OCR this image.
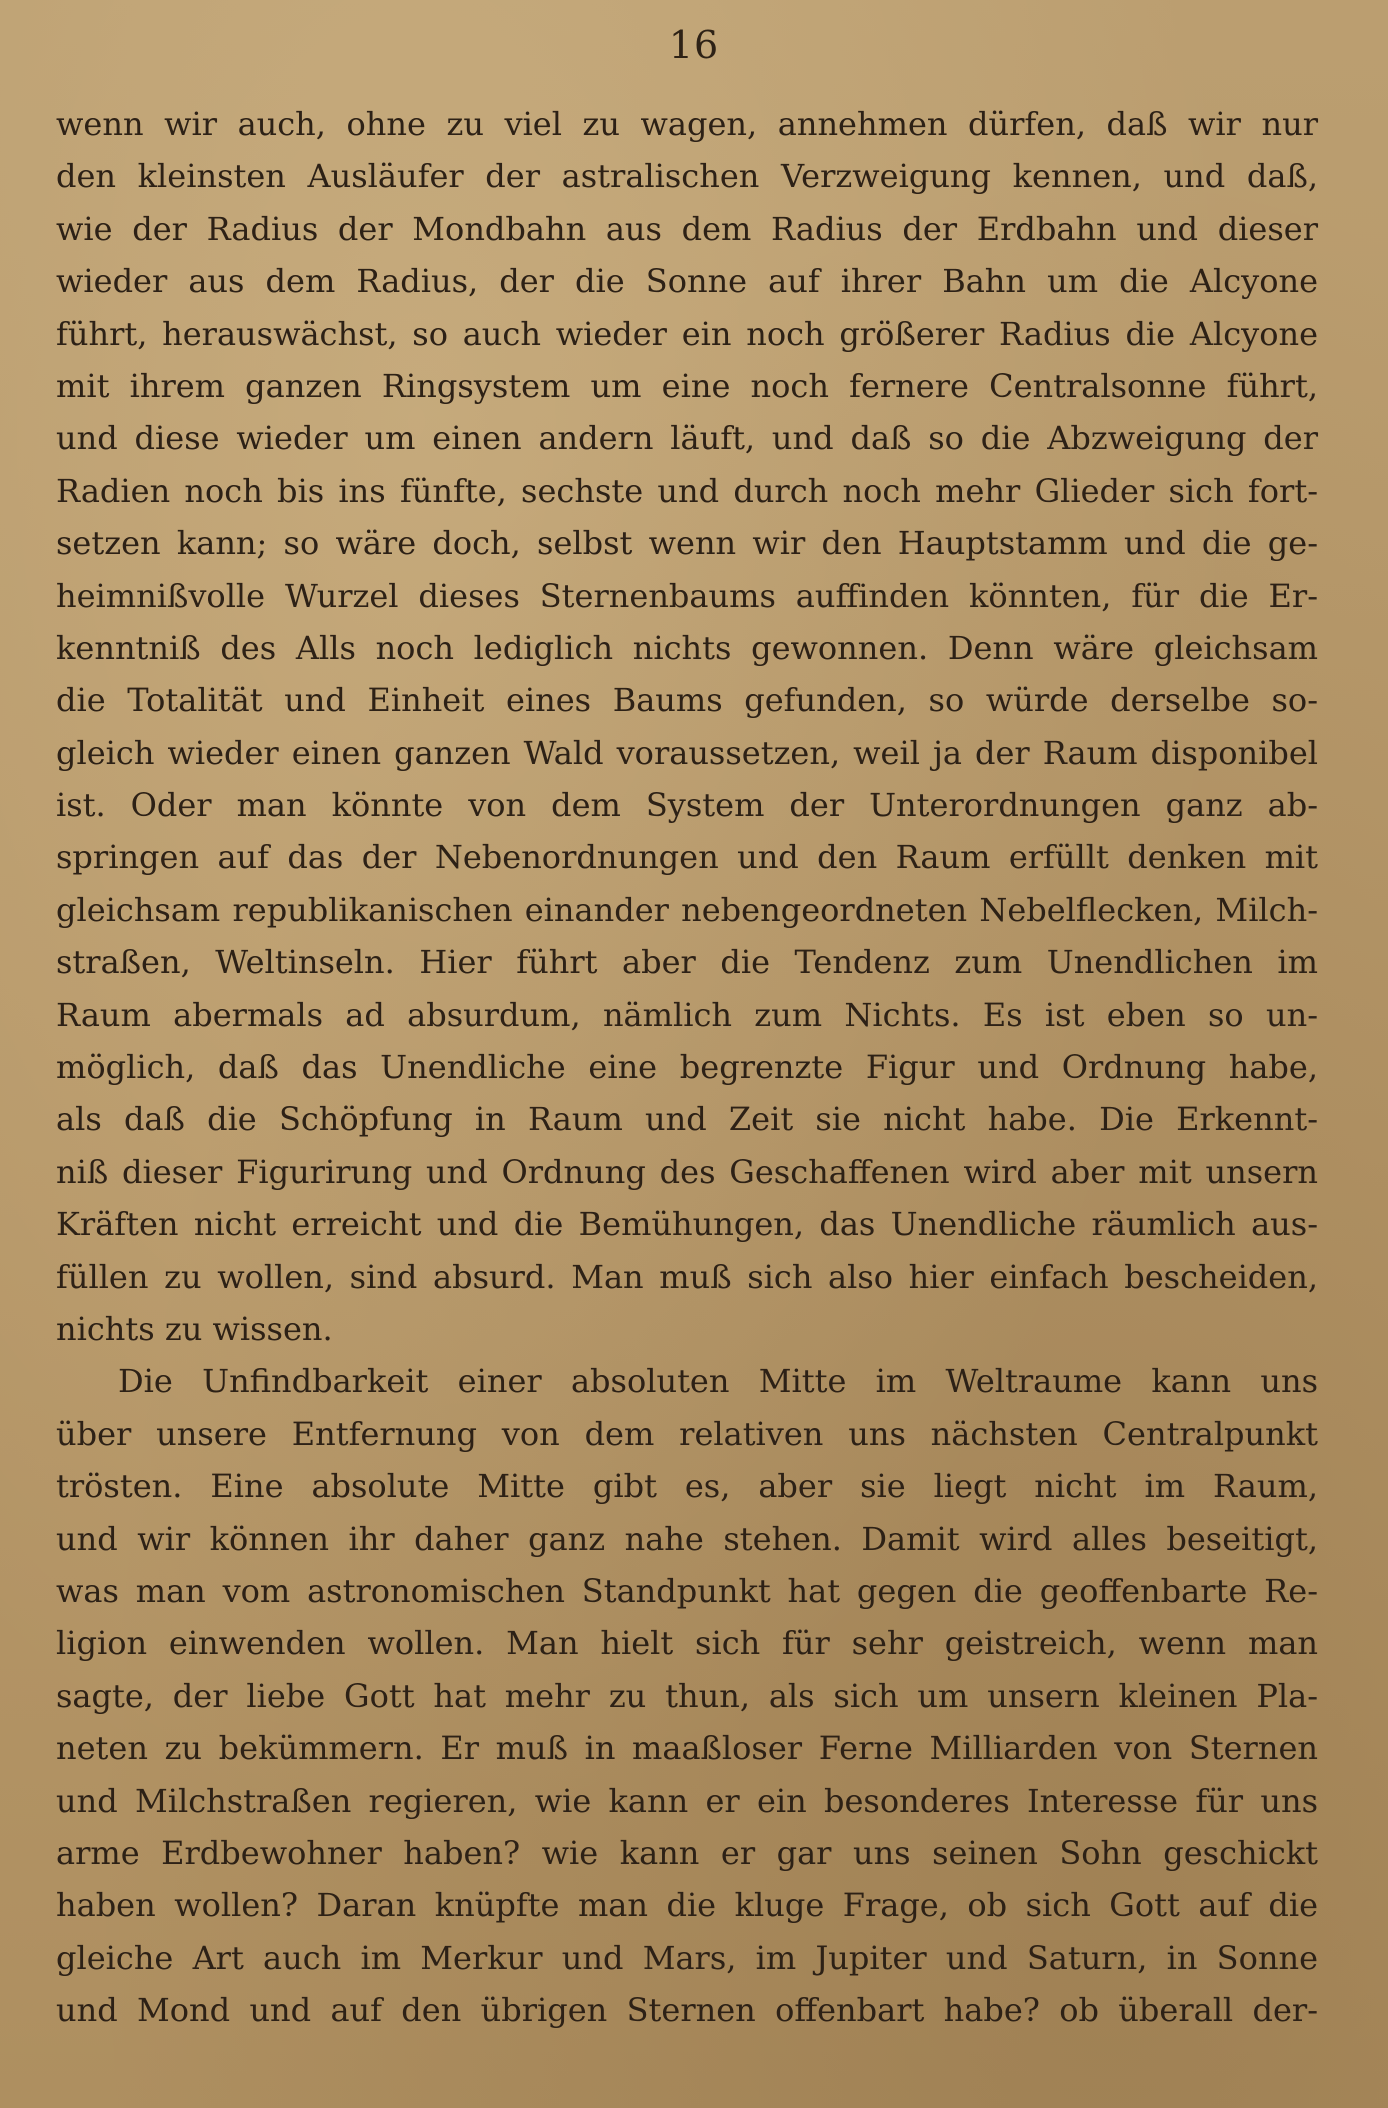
16
wenn wir auch, ohne zu viel zu wagen, annehmen dürfen, daß wir nur
den kleinsten Ausläufer der astralischen Verzweigung kennen, und daß,
wie der Radius der Mondbahn aus dem Radius der Erdbahn und dieser
wieder aus dem Radius, der die Sonne auf ihrer Bahn um die Alcyone
führt, herauswächst, so auch wieder ein noch größerer Radius die Alcyone
mit ihrem ganzen Ringsystem um eine noch fernere Centralsonne führt,
und diese wieder um einen andern läuft, und daß so die Abzweigung der
Radien noch bis ins fünfte, sechste und durch noch mehr Glieder sich fort-
setzen kann; so wäre doch, selbst wenn wir den Hauptstamm und die ge-
heimnißvolle Wurzel dieses Sternenbaums auffinden könnten, für die Er-
kenntniß des Alls noch lediglich nichts gewonnen. Denn wäre gleichsam
die Totalität und Einheit eines Baums gefunden, so würde derselbe so-
gleich wieder einen ganzen Wald voraussetzen, weil ja der Raum disponibel
ist. Oder man könnte von dem System der Unterordnungen ganz ab-
springen auf das der Nebenordnungen und den Raum erfüllt denken mit
gleichsam republikanischen einander nebengeordneten Nebelflecken, Milch-
straßen, Weltinseln. Hier führt aber die Tendenz zum Unendlichen im
Raum abermals ad absurdum, nämlich zum Nichts. Es ist eben so un-
möglich, daß das Unendliche eine begrenzte Figur und Ordnung habe,
als daß die Schöpfung in Raum und Zeit sie nicht habe. Die Erkennt-
niß dieser Figurirung und Ordnung des Geschaffenen wird aber mit unsern
Kräften nicht erreicht und die Bemühungen, das Unendliche räumlich aus-
füllen zu wollen, sind absurd. Man muß sich also hier einfach bescheiden,
nichts zu wissen.
Die Unfindbarkeit einer absoluten Mitte im Weltraume kann uns
über unsere Entfernung von dem relativen uns nächsten Centralpunkt
trösten. Eine absolute Mitte gibt es, aber sie liegt nicht im Raum,
und wir können ihr daher ganz nahe stehen. Damit wird alles beseitigt,
was man vom astronomischen Standpunkt hat gegen die geoffenbarte Re-
ligion einwenden wollen. Man hielt sich für sehr geistreich, wenn man
sagte, der liebe Gott hat mehr zu thun, als sich um unsern kleinen Pla-
neten zu bekümmern. Er muß in maaßloser Ferne Milliarden von Sternen
und Milchstraßen regieren, wie kann er ein besonderes Interesse für uns
arme Erdbewohner haben? wie kann er gar uns seinen Sohn geschickt
haben wollen? Daran knüpfte man die kluge Frage, ob sich Gott auf die
gleiche Art auch im Merkur und Mars, im Jupiter und Saturn, in Sonne
und Mond und auf den übrigen Sternen offenbart habe? ob überall der-
